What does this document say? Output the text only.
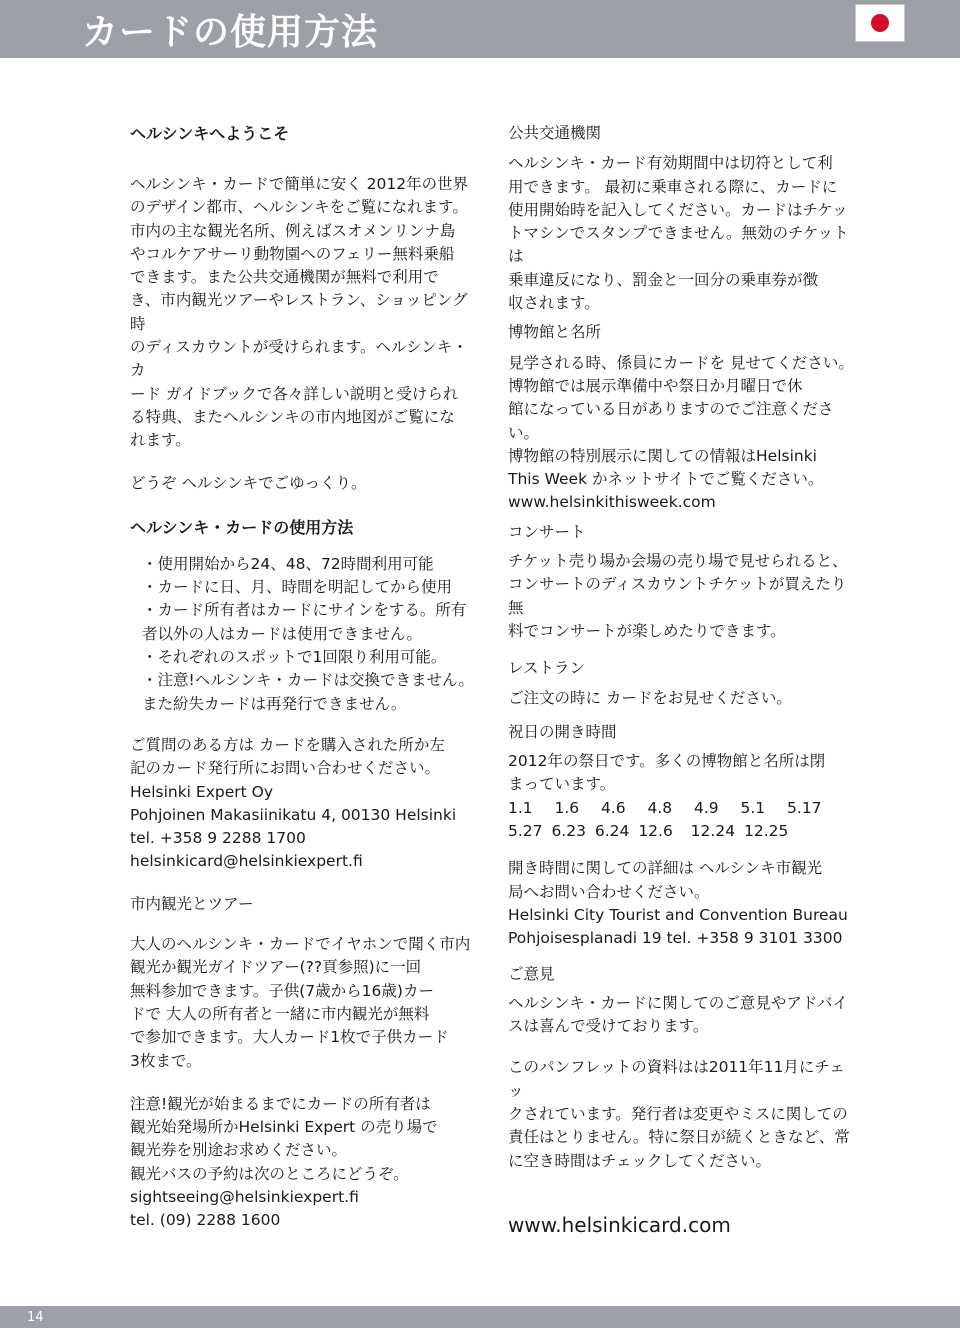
カードの使用方法

ヘルシンキへようこそ

ヘルシンキ・カードで簡単に安く 2012年の世界
のデザイン都市、ヘルシンキをご覧になれます。
市内の主な観光名所、例えばスオメンリンナ島
やコルケアサーリ動物園へのフェリー無料乗船
できます。また公共交通機関が無料で利用で
き、市内観光ツアーやレストラン、ショッピング時
のディスカウントが受けられます。ヘルシンキ・カ
ード ガイドブックで各々詳しい説明と受けられ
る特典、またヘルシンキの市内地図がご覧にな
れます。

どうぞ ヘルシンキでごゆっくり。

ヘルシンキ・カードの使用方法

・使用開始から24、48、72時間利用可能
・カードに日、月、時間を明記してから使用
・カード所有者はカードにサインをする。所有
者以外の人はカードは使用できません。
・それぞれのスポットで1回限り利用可能。
・注意!ヘルシンキ・カードは交換できません。
また紛失カードは再発行できません。

ご質問のある方は カードを購入された所か左
記のカード発行所にお問い合わせください。
Helsinki Expert Oy
Pohjoinen Makasiinikatu 4, 00130 Helsinki
tel. +358 9 2288 1700
helsinkicard@helsinkiexpert.fi

市内観光とツアー

大人のヘルシンキ・カードでイヤホンで聞く市内
観光か観光ガイドツアー(??頁参照)に一回
無料参加できます。子供(7歳から16歳)カー
ドで 大人の所有者と一緒に市内観光が無料
で参加できます。大人カード1枚で子供カード
3枚まで。

注意!観光が始まるまでにカードの所有者は
観光始発場所かHelsinki Expert の売り場で
観光券を別途お求めください。
観光バスの予約は次のところにどうぞ。
sightseeing@helsinkiexpert.fi
tel. (09) 2288 1600

公共交通機関

ヘルシンキ・カード有効期間中は切符として利
用できます。 最初に乗車される際に、カードに
使用開始時を記入してください。カードはチケッ
トマシンでスタンプできません。無効のチケットは
乗車違反になり、罰金と一回分の乗車券が徴
収されます。

博物館と名所

見学される時、係員にカードを 見せてください。
博物館では展示準備中や祭日か月曜日で休
館になっている日がありますのでご注意ください。
博物館の特別展示に関しての情報はHelsinki
This Week かネットサイトでご覧ください。
www.helsinkithisweek.com

コンサート

チケット売り場か会場の売り場で見せられると、
コンサートのディスカウントチケットが買えたり 無
料でコンサートが楽しめたりできます。

レストラン

ご注文の時に カードをお見せください。

祝日の開き時間

2012年の祭日です。多くの博物館と名所は閉
まっています。

1.1  1.6  4.6  4.8  4.9  5.1  5.17

5.27 6.23 6.24 12.6  12.24 12.25

開き時間に関しての詳細は ヘルシンキ市観光
局へお問い合わせください。
Helsinki City Tourist and Convention Bureau
Pohjoisesplanadi 19 tel. +358 9 3101 3300

ご意見

ヘルシンキ・カードに関してのご意見やアドバイ
スは喜んで受けております。

このパンフレットの資料はは2011年11月にチェッ
クされています。発行者は変更やミスに関しての
責任はとりません。特に祭日が続くときなど、常
に空き時間はチェックしてください。

www.helsinkicard.com

14
